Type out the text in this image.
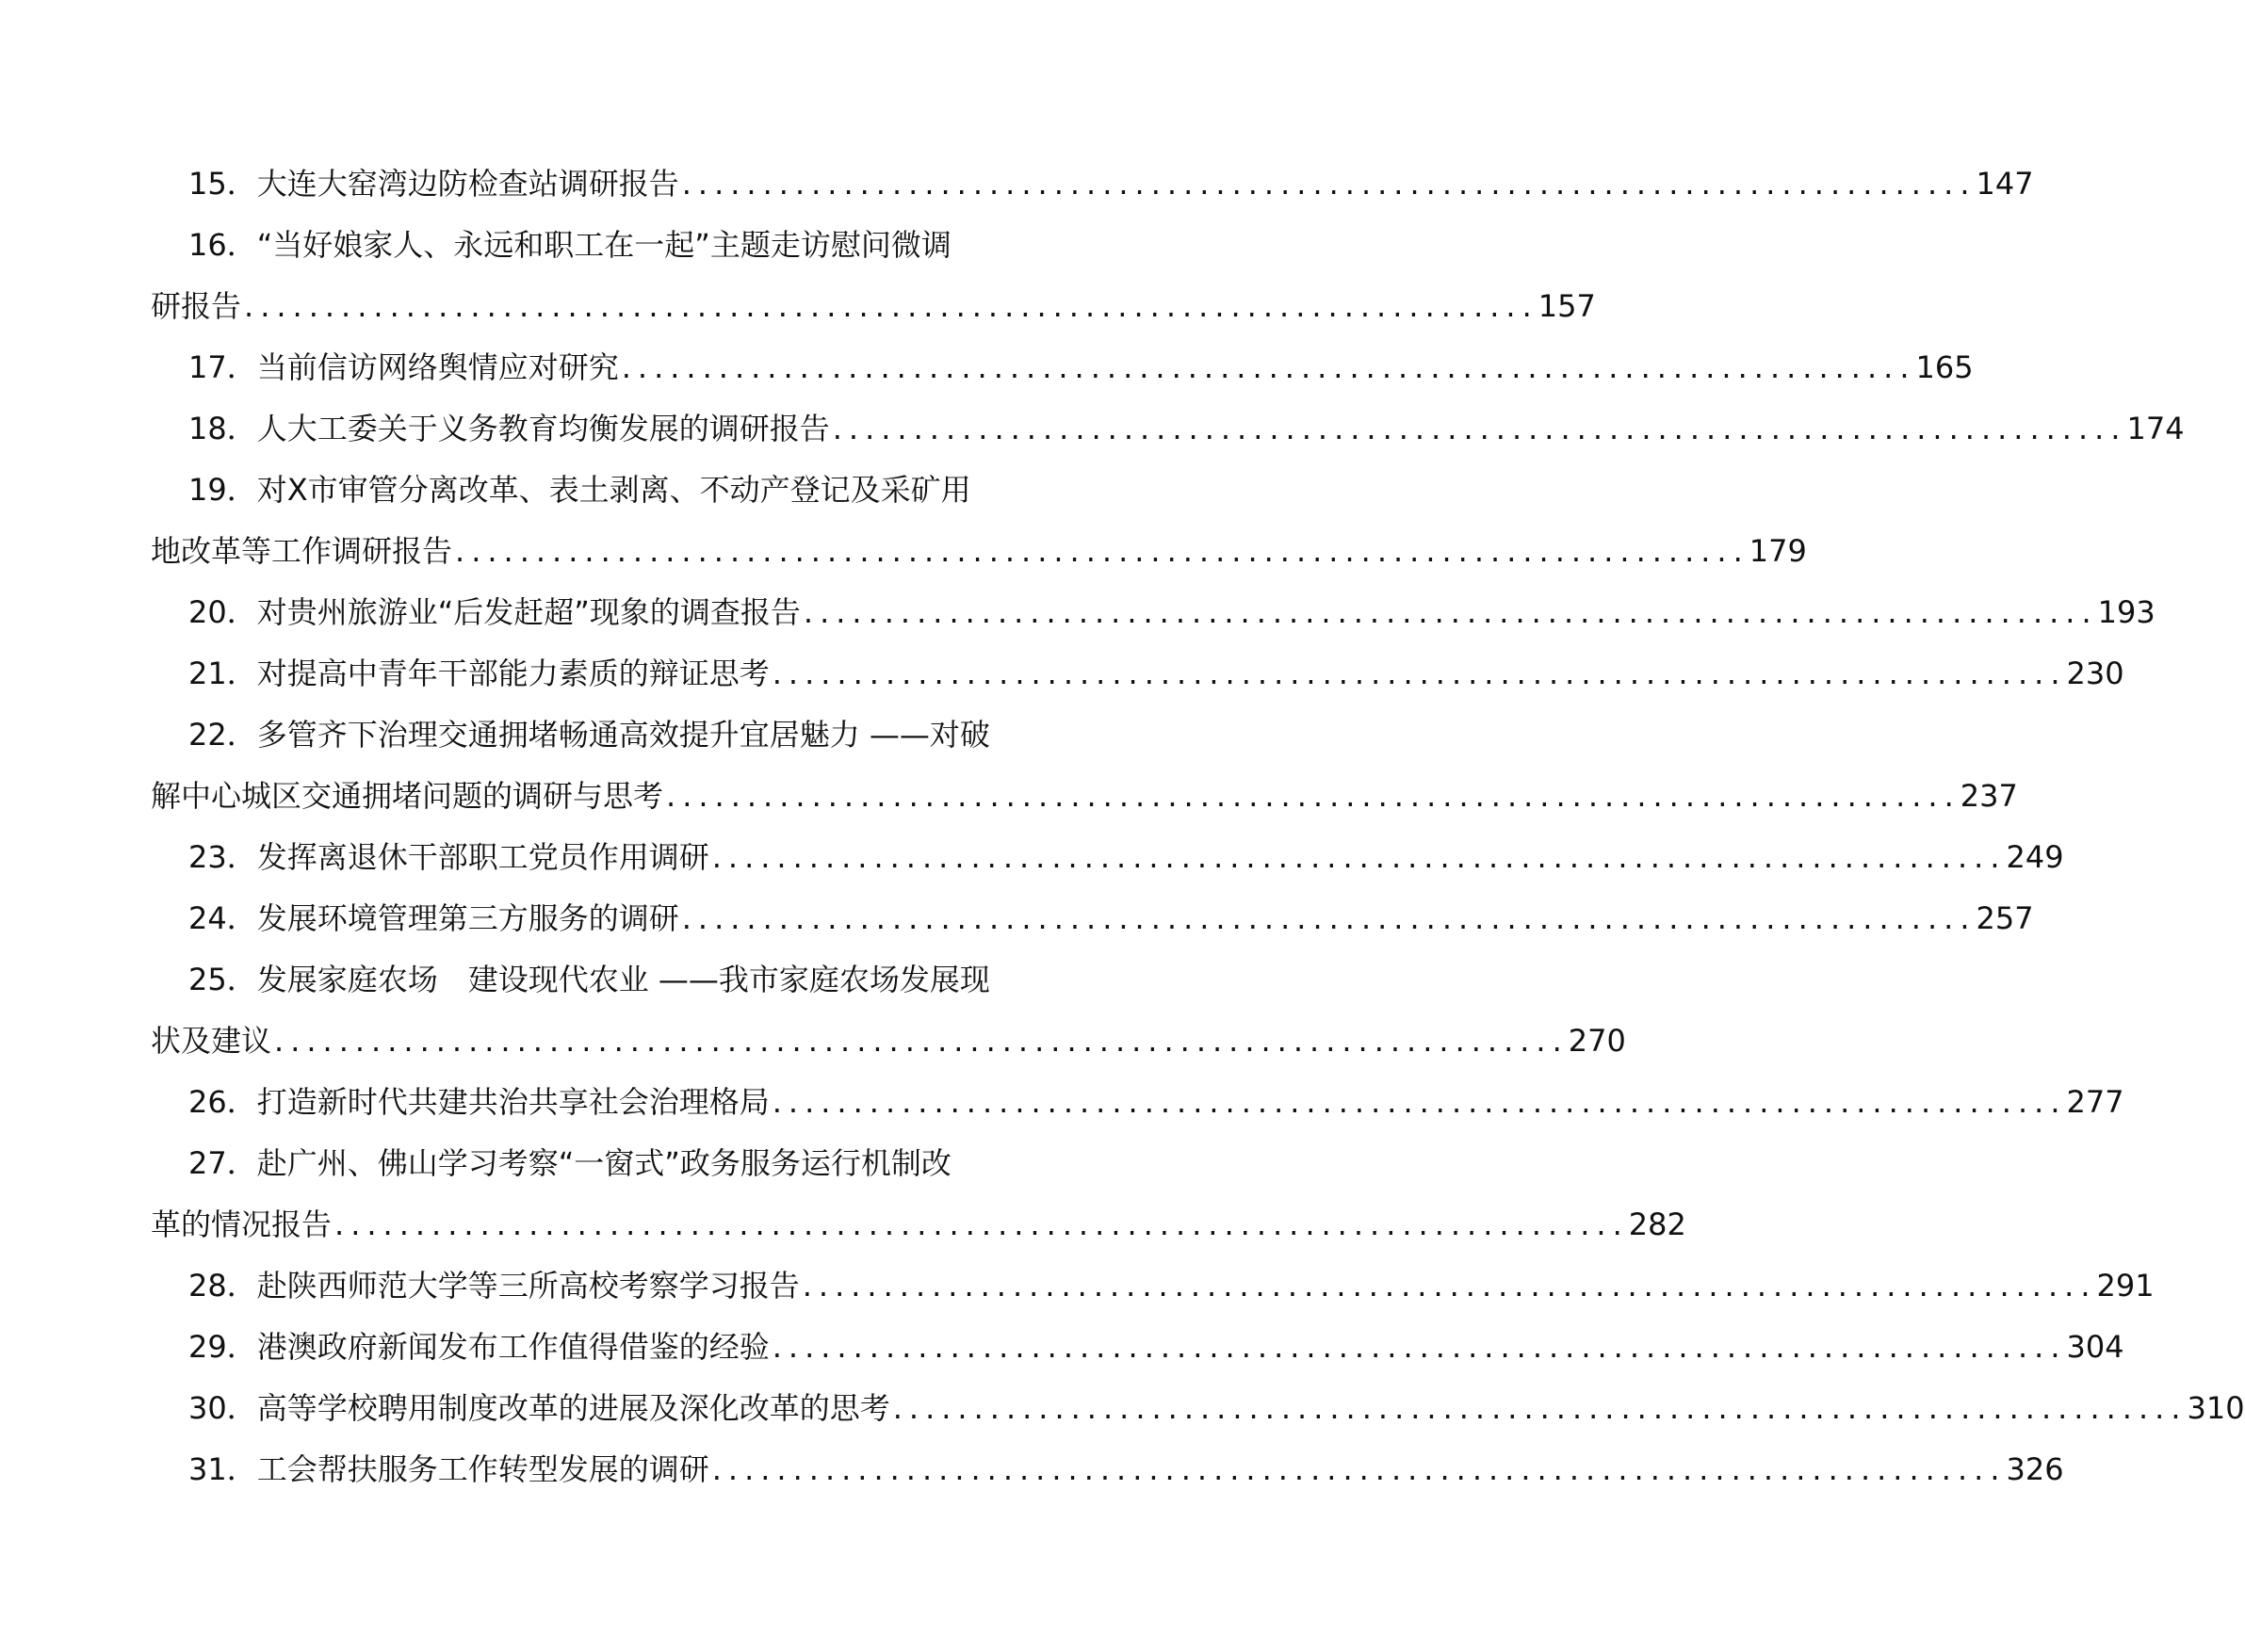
15．大连大窑湾边防检查站调研报告 ................................................................................ 147
16．“当好娘家人、永远和职工在一起”主题走访慰问微调
研报告 ................................................................................ 157
17．当前信访网络舆情应对研究 ................................................................................ 165
18．人大工委关于义务教育均衡发展的调研报告 ................................................................................ 174
19．对X市审管分离改革、表土剥离、不动产登记及采矿用
地改革等工作调研报告 ................................................................................ 179
20．对贵州旅游业“后发赶超”现象的调查报告 ................................................................................ 193
21．对提高中青年干部能力素质的辩证思考 ................................................................................ 230
22．多管齐下治理交通拥堵畅通高效提升宜居魅力 ——对破
解中心城区交通拥堵问题的调研与思考 ................................................................................ 237
23．发挥离退休干部职工党员作用调研 ................................................................................ 249
24．发展环境管理第三方服务的调研 ................................................................................ 257
25．发展家庭农场　建设现代农业 ——我市家庭农场发展现
状及建议 ................................................................................ 270
26．打造新时代共建共治共享社会治理格局 ................................................................................ 277
27．赴广州、佛山学习考察“一窗式”政务服务运行机制改
革的情况报告 ................................................................................ 282
28．赴陕西师范大学等三所高校考察学习报告 ................................................................................ 291
29．港澳政府新闻发布工作值得借鉴的经验 ................................................................................ 304
30．高等学校聘用制度改革的进展及深化改革的思考 ................................................................................ 310
31．工会帮扶服务工作转型发展的调研 ................................................................................ 326
